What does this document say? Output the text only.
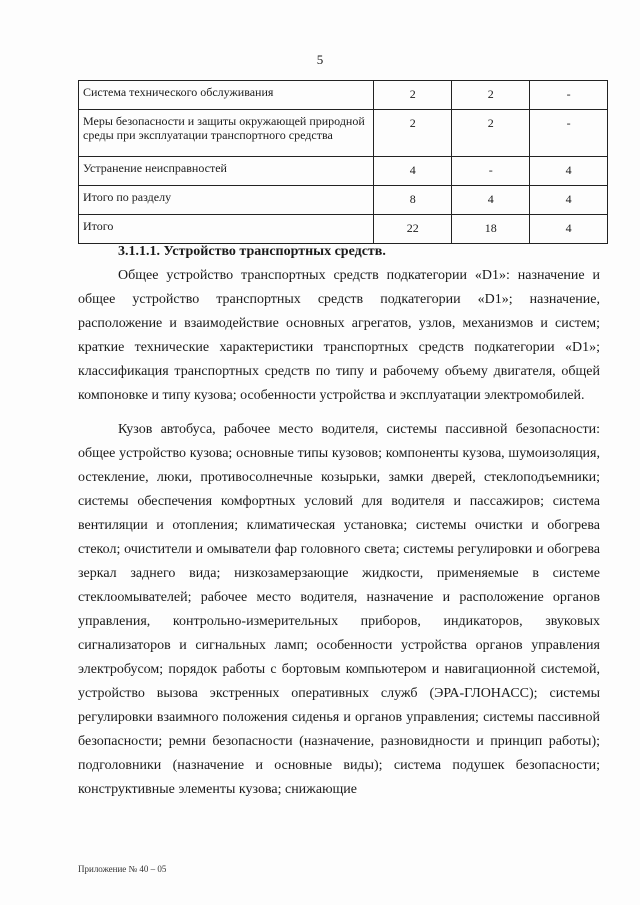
5
Система технического обслуживания	2	2	-
Меры безопасности и защиты окружающей природной среды при эксплуатации транспортного средства	2	2	-
Устранение неисправностей	4	-	4
Итого по разделу	8	4	4
Итого	22	18	4
3.1.1.1. Устройство транспортных средств.

Общее устройство транспортных средств подкатегории «D1»: назначение и общее устройство транспортных средств подкатегории «D1»; назначение, расположение и взаимодействие основных агрегатов, узлов, механизмов и систем; краткие технические характеристики транспортных средств подкатегории «D1»; классификация транспортных средств по типу и рабочему объему двигателя, общей компоновке и типу кузова; особенности устройства и эксплуатации электромобилей.

Кузов автобуса, рабочее место водителя, системы пассивной безопасности: общее устройство кузова; основные типы кузовов; компоненты кузова, шумоизоляция, остекление, люки, противосолнечные козырьки, замки дверей, стеклоподъемники; системы обеспечения комфортных условий для водителя и пассажиров; система вентиляции и отопления; климатическая установка; системы очистки и обогрева стекол; очистители и омыватели фар головного света; системы регулировки и обогрева зеркал заднего вида; низкозамерзающие жидкости, применяемые в системе стеклоомывателей; рабочее место водителя, назначение и расположение органов управления, контрольно-измерительных приборов, индикаторов, звуковых сигнализаторов и сигнальных ламп; особенности устройства органов управления электробусом; порядок работы с бортовым компьютером и навигационной системой, устройство вызова экстренных оперативных служб (ЭРА-ГЛОНАСС); системы регулировки взаимного положения сиденья и органов управления; системы пассивной безопасности; ремни безопасности (назначение, разновидности и принцип работы); подголовники (назначение и основные виды); система подушек безопасности; конструктивные элементы кузова; снижающие

Приложение № 40 – 05
